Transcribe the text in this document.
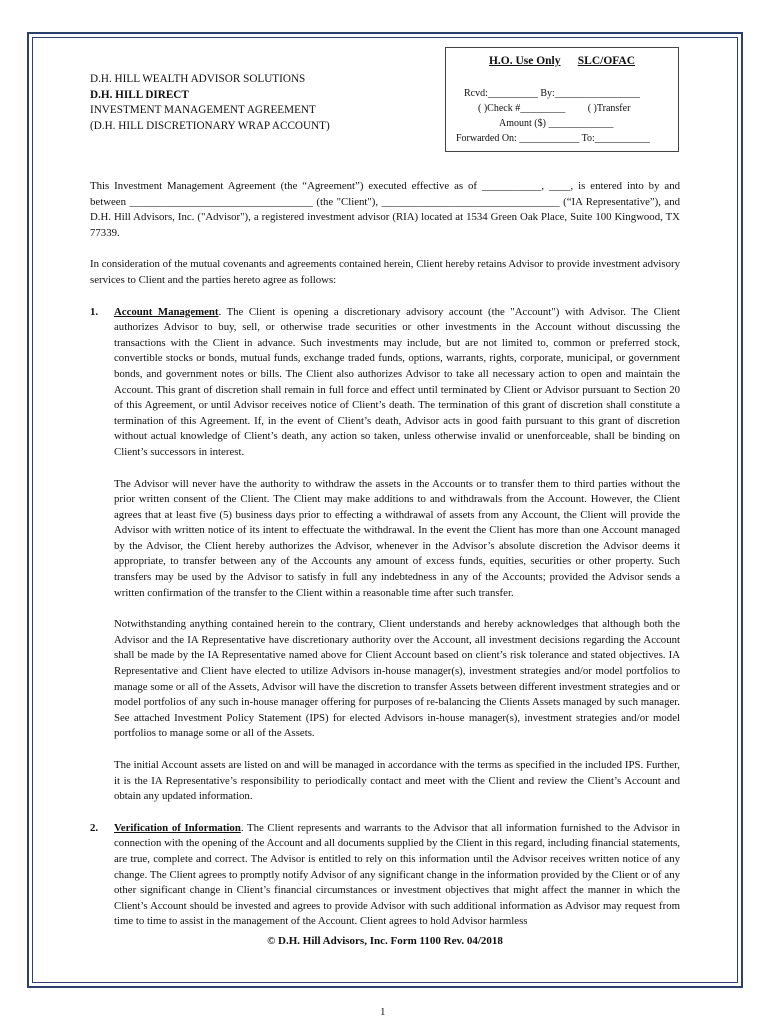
D.H. HILL WEALTH ADVISOR SOLUTIONS
D.H. HILL DIRECT
INVESTMENT MANAGEMENT AGREEMENT
(D.H. HILL DISCRETIONARY WRAP ACCOUNT)
H.O. Use Only SLC/OFAC
Rcvd:__________ By:_________________
( )Check #_________ ( )Transfer
Amount ($) _____________
Forwarded On: ____________ To:___________

This Investment Management Agreement (the “Agreement”) executed effective as of ___________, ____, is entered into by and between __________________________________ (the "Client"), _________________________________ (“IA Representative”), and D.H. Hill Advisors, Inc. ("Advisor"), a registered investment advisor (RIA) located at 1534 Green Oak Place, Suite 100 Kingwood, TX 77339.

In consideration of the mutual covenants and agreements contained herein, Client hereby retains Advisor to provide investment advisory services to Client and the parties hereto agree as follows:

1. Account Management. The Client is opening a discretionary advisory account (the "Account") with Advisor. The Client authorizes Advisor to buy, sell, or otherwise trade securities or other investments in the Account without discussing the transactions with the Client in advance. Such investments may include, but are not limited to, common or preferred stock, convertible stocks or bonds, mutual funds, exchange traded funds, options, warrants, rights, corporate, municipal, or government bonds, and government notes or bills. The Client also authorizes Advisor to take all necessary action to open and maintain the Account. This grant of discretion shall remain in full force and effect until terminated by Client or Advisor pursuant to Section 20 of this Agreement, or until Advisor receives notice of Client’s death. The termination of this grant of discretion shall constitute a termination of this Agreement. If, in the event of Client’s death, Advisor acts in good faith pursuant to this grant of discretion without actual knowledge of Client’s death, any action so taken, unless otherwise invalid or unenforceable, shall be binding on Client’s successors in interest.

The Advisor will never have the authority to withdraw the assets in the Accounts or to transfer them to third parties without the prior written consent of the Client. The Client may make additions to and withdrawals from the Account. However, the Client agrees that at least five (5) business days prior to effecting a withdrawal of assets from any Account, the Client will provide the Advisor with written notice of its intent to effectuate the withdrawal. In the event the Client has more than one Account managed by the Advisor, the Client hereby authorizes the Advisor, whenever in the Advisor’s absolute discretion the Advisor deems it appropriate, to transfer between any of the Accounts any amount of excess funds, equities, securities or other property. Such transfers may be used by the Advisor to satisfy in full any indebtedness in any of the Accounts; provided the Advisor sends a written confirmation of the transfer to the Client within a reasonable time after such transfer.

Notwithstanding anything contained herein to the contrary, Client understands and hereby acknowledges that although both the Advisor and the IA Representative have discretionary authority over the Account, all investment decisions regarding the Account shall be made by the IA Representative named above for Client Account based on client’s risk tolerance and stated objectives. IA Representative and Client have elected to utilize Advisors in-house manager(s), investment strategies and/or model portfolios to manage some or all of the Assets, Advisor will have the discretion to transfer Assets between different investment strategies and or model portfolios of any such in-house manager offering for purposes of re-balancing the Clients Assets managed by such manager. See attached Investment Policy Statement (IPS) for elected Advisors in-house manager(s), investment strategies and/or model portfolios to manage some or all of the Assets.

The initial Account assets are listed on and will be managed in accordance with the terms as specified in the included IPS. Further, it is the IA Representative’s responsibility to periodically contact and meet with the Client and review the Client’s Account and obtain any updated information.

2. Verification of Information. The Client represents and warrants to the Advisor that all information furnished to the Advisor in connection with the opening of the Account and all documents supplied by the Client in this regard, including financial statements, are true, complete and correct. The Advisor is entitled to rely on this information until the Advisor receives written notice of any change. The Client agrees to promptly notify Advisor of any significant change in the information provided by the Client or of any other significant change in Client’s financial circumstances or investment objectives that might affect the manner in which the Client’s Account should be invested and agrees to provide Advisor with such additional information as Advisor may request from time to time to assist in the management of the Account. Client agrees to hold Advisor harmless

© D.H. Hill Advisors, Inc. Form 1100 Rev. 04/2018
1
